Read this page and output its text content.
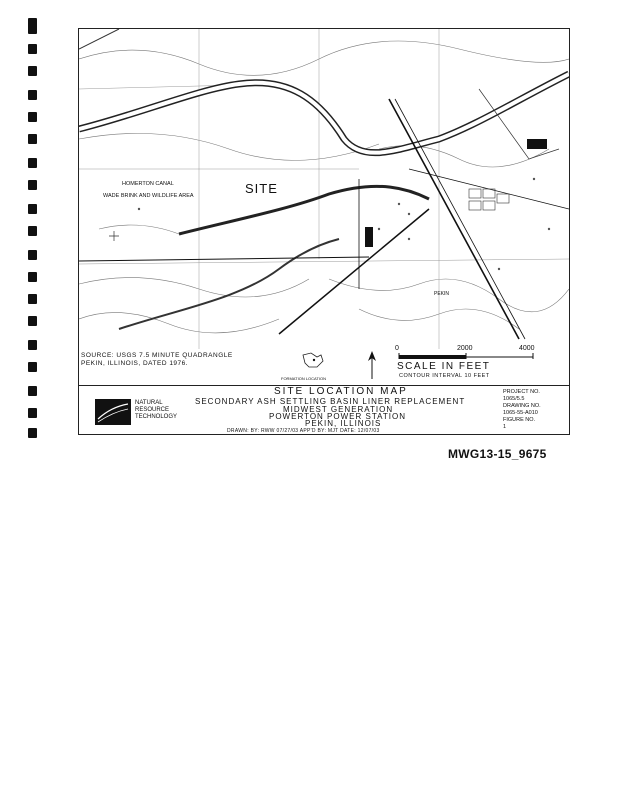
SITE
HOMERTON CANAL
WADE BRINK AND WILDLIFE AREA
PEKIN
SOURCE: USGS 7.5 MINUTE QUADRANGLE
PEKIN, ILLINOIS, DATED 1976.
FORMATION LOCATION
0	2000	4000
SCALE IN FEET
CONTOUR INTERVAL 10 FEET
NATURAL
RESOURCE
TECHNOLOGY
SITE LOCATION MAP
SECONDARY ASH SETTLING BASIN LINER REPLACEMENT
MIDWEST GENERATION
POWERTON POWER STATION
PEKIN, ILLINOIS
DRAWN: BY: RWW 07/27/03 APP'D BY: MJT DATE: 12/07/03
PROJECT NO.
1065/5.5
DRAWING NO.
1065-55-A010
FIGURE NO.
1
MWG13-15_9675
